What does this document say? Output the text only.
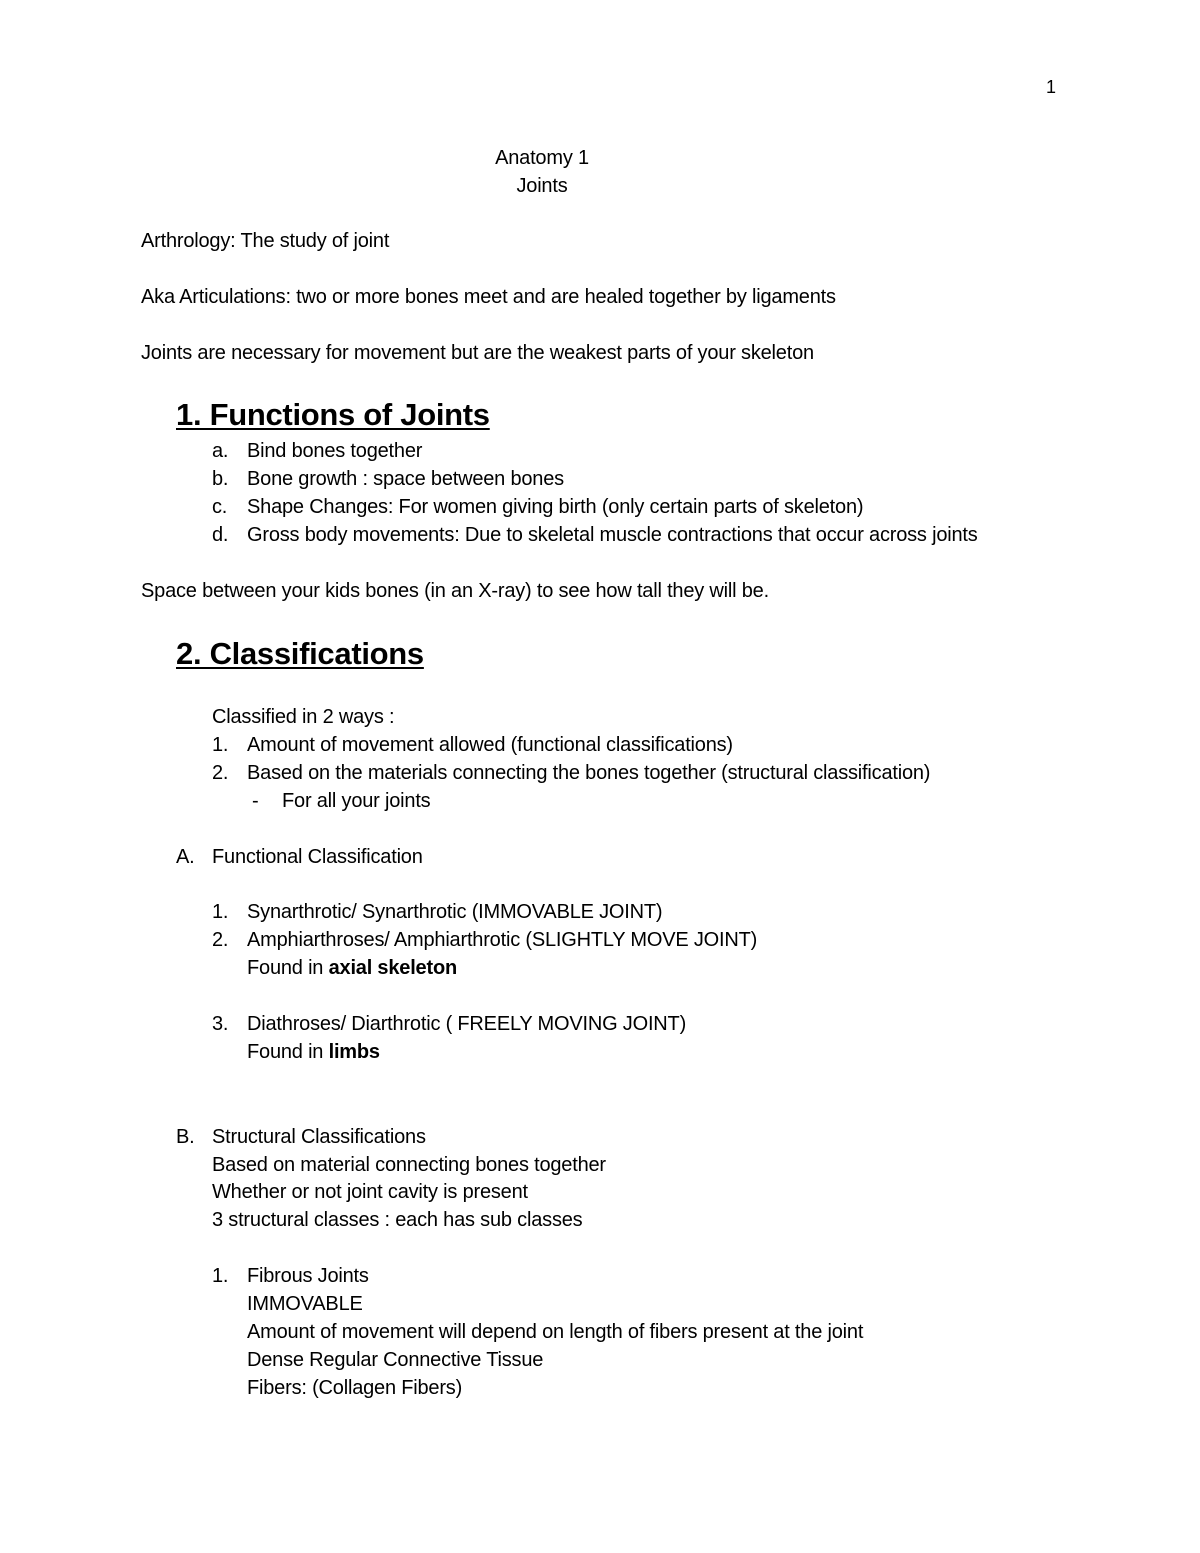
1
Anatomy 1
Joints
Arthrology: The study of joint
Aka Articulations: two or more bones meet and are healed together by ligaments
Joints are necessary for movement but are the weakest parts of your skeleton
1. Functions of Joints
a. Bind bones together
b. Bone growth : space between bones
c. Shape Changes: For women giving birth (only certain parts of skeleton)
d. Gross body movements: Due to skeletal muscle contractions that occur across joints
Space between your kids bones (in an X-ray) to see how tall they will be.
2. Classifications
Classified in 2 ways :
1. Amount of movement allowed (functional classifications)
2. Based on the materials connecting the bones together (structural classification)
- For all your joints
A. Functional Classification
1. Synarthrotic/ Synarthrotic (IMMOVABLE JOINT)
2. Amphiarthroses/ Amphiarthrotic (SLIGHTLY MOVE JOINT)
Found in axial skeleton
3. Diathroses/ Diarthrotic ( FREELY MOVING JOINT)
Found in limbs
B. Structural Classifications
Based on material connecting bones together
Whether or not joint cavity is present
3 structural classes : each has sub classes
1. Fibrous Joints
IMMOVABLE
Amount of movement will depend on length of fibers present at the joint
Dense Regular Connective Tissue
Fibers: (Collagen Fibers)
